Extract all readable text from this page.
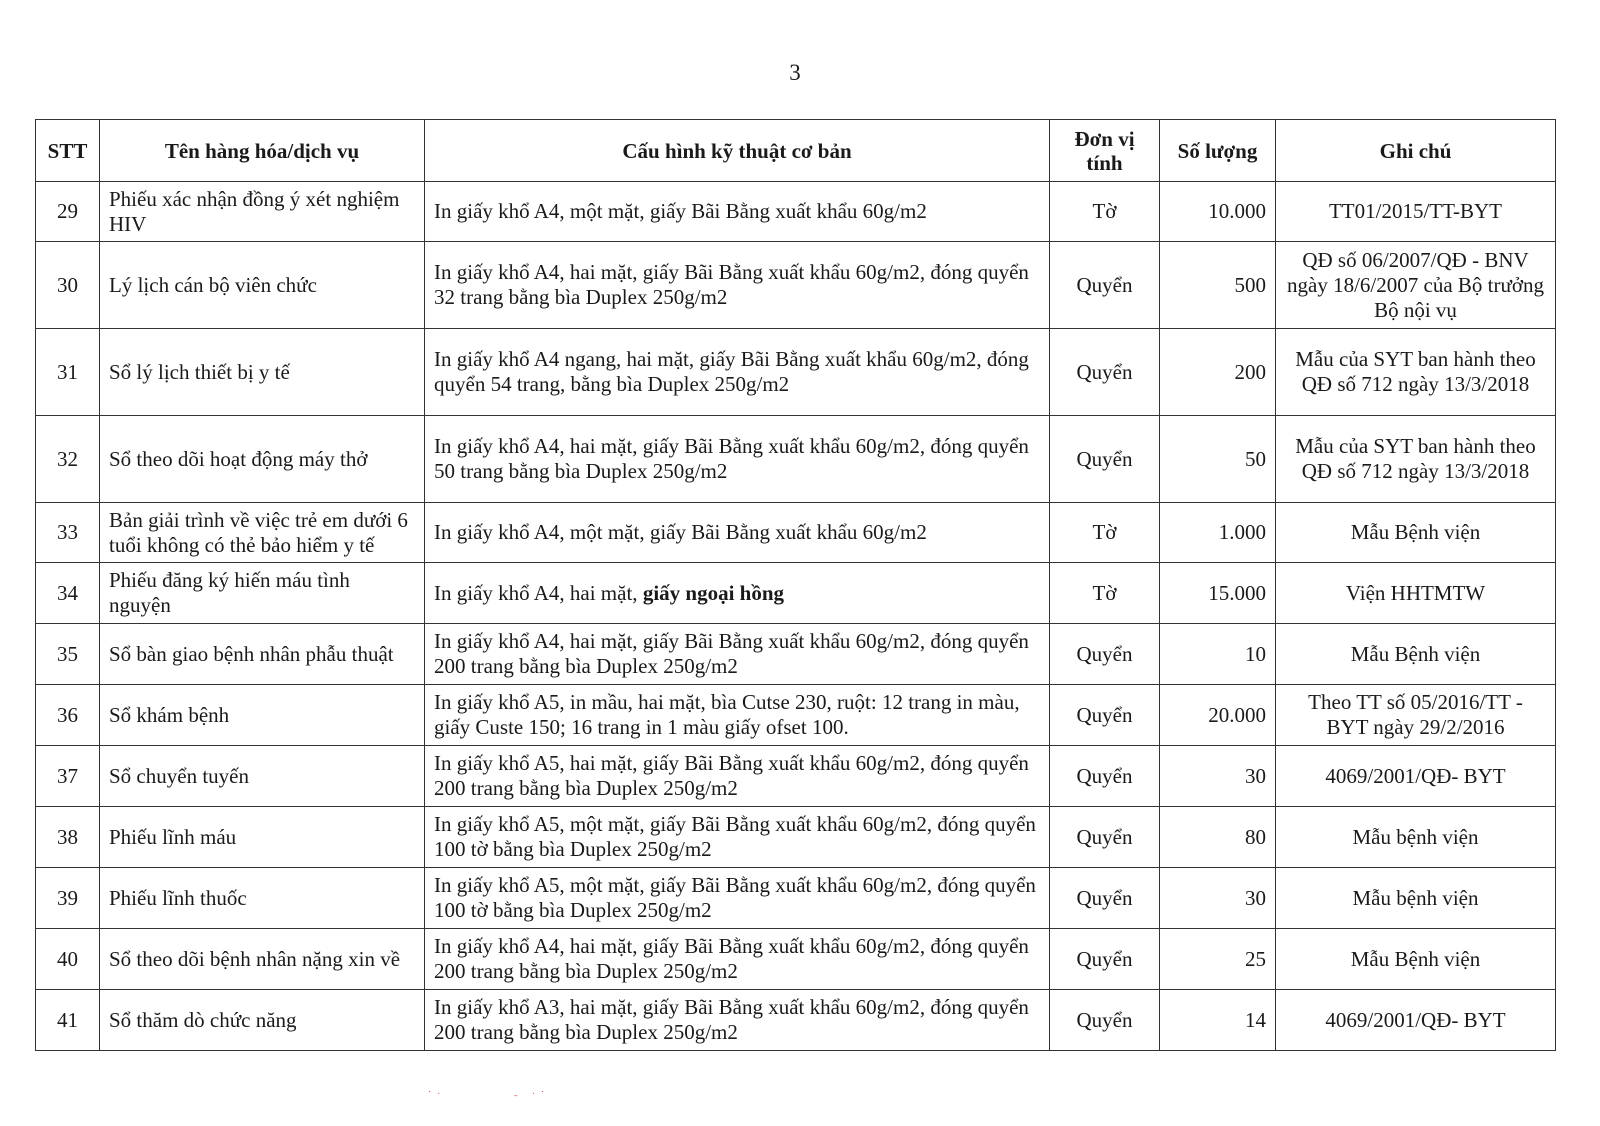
3
STT	Tên hàng hóa/dịch vụ	Cấu hình kỹ thuật cơ bản	Đơn vị tính	Số lượng	Ghi chú
29	Phiếu xác nhận đồng ý xét nghiệm HIV	In giấy khổ A4, một mặt, giấy Bãi Bằng xuất khẩu 60g/m2	Tờ	10.000	TT01/2015/TT-BYT
30	Lý lịch cán bộ viên chức	In giấy khổ A4, hai mặt, giấy Bãi Bằng xuất khẩu 60g/m2, đóng quyển 32 trang bằng bìa Duplex 250g/m2	Quyển	500	QĐ số 06/2007/QĐ - BNV ngày 18/6/2007 của Bộ trưởng Bộ nội vụ
31	Sổ lý lịch thiết bị y tế	In giấy khổ A4 ngang, hai mặt, giấy Bãi Bằng xuất khẩu 60g/m2, đóng quyển 54 trang, bằng bìa Duplex 250g/m2	Quyển	200	Mẫu của SYT ban hành theo QĐ số 712 ngày 13/3/2018
32	Sổ theo dõi hoạt động máy thở	In giấy khổ A4, hai mặt, giấy Bãi Bằng xuất khẩu 60g/m2, đóng quyển 50 trang bằng bìa Duplex 250g/m2	Quyển	50	Mẫu của SYT ban hành theo QĐ số 712 ngày 13/3/2018
33	Bản giải trình về việc trẻ em dưới 6 tuổi không có thẻ bảo hiểm y tế	In giấy khổ A4, một mặt, giấy Bãi Bằng xuất khẩu 60g/m2	Tờ	1.000	Mẫu Bệnh viện
34	Phiếu đăng ký hiến máu tình nguyện	In giấy khổ A4, hai mặt, giấy ngoại hồng	Tờ	15.000	Viện HHTMTW
35	Sổ bàn giao bệnh nhân phẫu thuật	In giấy khổ A4, hai mặt, giấy Bãi Bằng xuất khẩu 60g/m2, đóng quyển 200 trang bằng bìa Duplex 250g/m2	Quyển	10	Mẫu Bệnh viện
36	Sổ khám bệnh	In giấy khổ A5, in mầu, hai mặt, bìa Cutse 230, ruột: 12 trang in màu, giấy Custe 150; 16 trang in 1 màu giấy ofset 100.	Quyển	20.000	Theo TT số 05/2016/TT - BYT ngày 29/2/2016
37	Sổ chuyển tuyến	In giấy khổ A5, hai mặt, giấy Bãi Bằng xuất khẩu 60g/m2, đóng quyển 200 trang bằng bìa Duplex 250g/m2	Quyển	30	4069/2001/QĐ- BYT
38	Phiếu lĩnh máu	In giấy khổ A5, một mặt, giấy Bãi Bằng xuất khẩu 60g/m2, đóng quyển 100 tờ bằng bìa Duplex 250g/m2	Quyển	80	Mẫu bệnh viện
39	Phiếu lĩnh thuốc	In giấy khổ A5, một mặt, giấy Bãi Bằng xuất khẩu 60g/m2, đóng quyển 100 tờ bằng bìa Duplex 250g/m2	Quyển	30	Mẫu bệnh viện
40	Sổ theo dõi bệnh nhân nặng xin về	In giấy khổ A4, hai mặt, giấy Bãi Bằng xuất khẩu 60g/m2, đóng quyển 200 trang bằng bìa Duplex 250g/m2	Quyển	25	Mẫu Bệnh viện
41	Sổ thăm dò chức năng	In giấy khổ A3, hai mặt, giấy Bãi Bằng xuất khẩu 60g/m2, đóng quyển 200 trang bằng bìa Duplex 250g/m2	Quyển	14	4069/2001/QĐ- BYT
˙ˑ        ˗ ˑ˙
